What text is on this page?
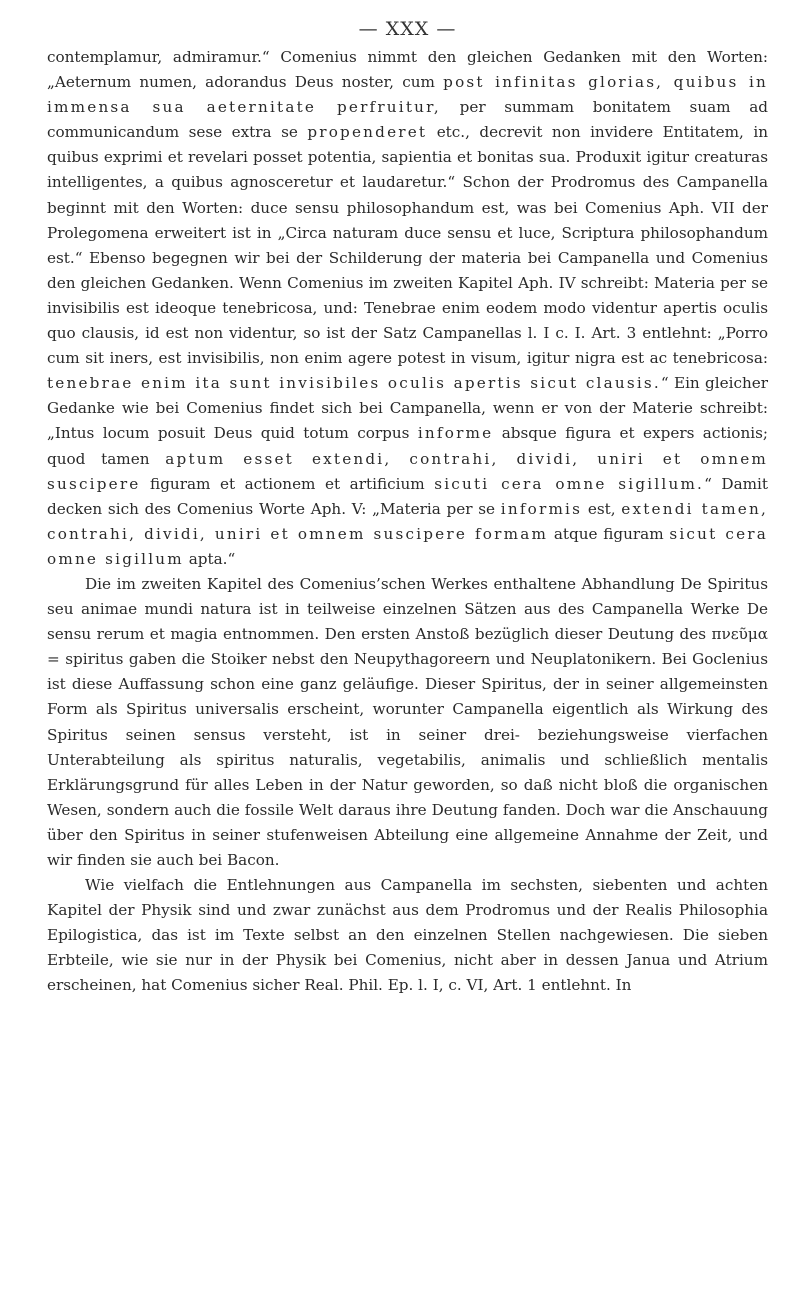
— XXX —

contemplamur, admiramur.“ Comenius nimmt den gleichen Gedanken mit den Worten: „Aeternum numen, adorandus Deus noster, cum post infinitas glorias, quibus in immensa sua aeternitate perfruitur, per summam bonitatem suam ad communicandum sese extra se propenderet etc., decrevit non invidere Entitatem, in quibus exprimi et revelari posset potentia, sapientia et bonitas sua. Produxit igitur creaturas intelligentes, a quibus agnosceretur et laudaretur.“ Schon der Prodromus des Campanella beginnt mit den Worten: duce sensu philosophandum est, was bei Comenius Aph. VII der Prolegomena erweitert ist in „Circa naturam duce sensu et luce, Scriptura philosophandum est.“ Ebenso begegnen wir bei der Schilderung der materia bei Campanella und Comenius den gleichen Gedanken. Wenn Comenius im zweiten Kapitel Aph. IV schreibt: Materia per se invisibilis est ideoque tenebricosa, und: Tenebrae enim eodem modo videntur apertis oculis quo clausis, id est non videntur, so ist der Satz Campanellas l. I c. I. Art. 3 entlehnt: „Porro cum sit iners, est invisibilis, non enim agere potest in visum, igitur nigra est ac tenebricosa: tenebrae enim ita sunt invisibiles oculis apertis sicut clausis.“ Ein gleicher Gedanke wie bei Comenius findet sich bei Campanella, wenn er von der Materie schreibt: „Intus locum posuit Deus quid totum corpus informe absque figura et expers actionis; quod tamen aptum esset extendi, contrahi, dividi, uniri et omnem suscipere figuram et actionem et artificium sicuti cera omne sigillum.“ Damit decken sich des Comenius Worte Aph. V: „Materia per se informis est, extendi tamen, contrahi, dividi, uniri et omnem suscipere formam atque figuram sicut cera omne sigillum apta.“

Die im zweiten Kapitel des Comenius’schen Werkes enthaltene Abhandlung De Spiritus seu animae mundi natura ist in teilweise einzelnen Sätzen aus des Campanella Werke De sensu rerum et magia entnommen. Den ersten Anstoß bezüglich dieser Deutung des πνεῦμα = spiritus gaben die Stoiker nebst den Neupythagoreern und Neuplatonikern. Bei Goclenius ist diese Auffassung schon eine ganz geläufige. Dieser Spiritus, der in seiner allgemeinsten Form als Spiritus universalis erscheint, worunter Campanella eigentlich als Wirkung des Spiritus seinen sensus versteht, ist in seiner drei- beziehungsweise vierfachen Unterabteilung als spiritus naturalis, vegetabilis, animalis und schließlich mentalis Erklärungsgrund für alles Leben in der Natur geworden, so daß nicht bloß die organischen Wesen, sondern auch die fossile Welt daraus ihre Deutung fanden. Doch war die Anschauung über den Spiritus in seiner stufenweisen Abteilung eine allgemeine Annahme der Zeit, und wir finden sie auch bei Bacon.

Wie vielfach die Entlehnungen aus Campanella im sechsten, siebenten und achten Kapitel der Physik sind und zwar zunächst aus dem Prodromus und der Realis Philosophia Epilogistica, das ist im Texte selbst an den einzelnen Stellen nachgewiesen. Die sieben Erbteile, wie sie nur in der Physik bei Comenius, nicht aber in dessen Janua und Atrium erscheinen, hat Comenius sicher Real. Phil. Ep. l. I, c. VI, Art. 1 entlehnt. In
